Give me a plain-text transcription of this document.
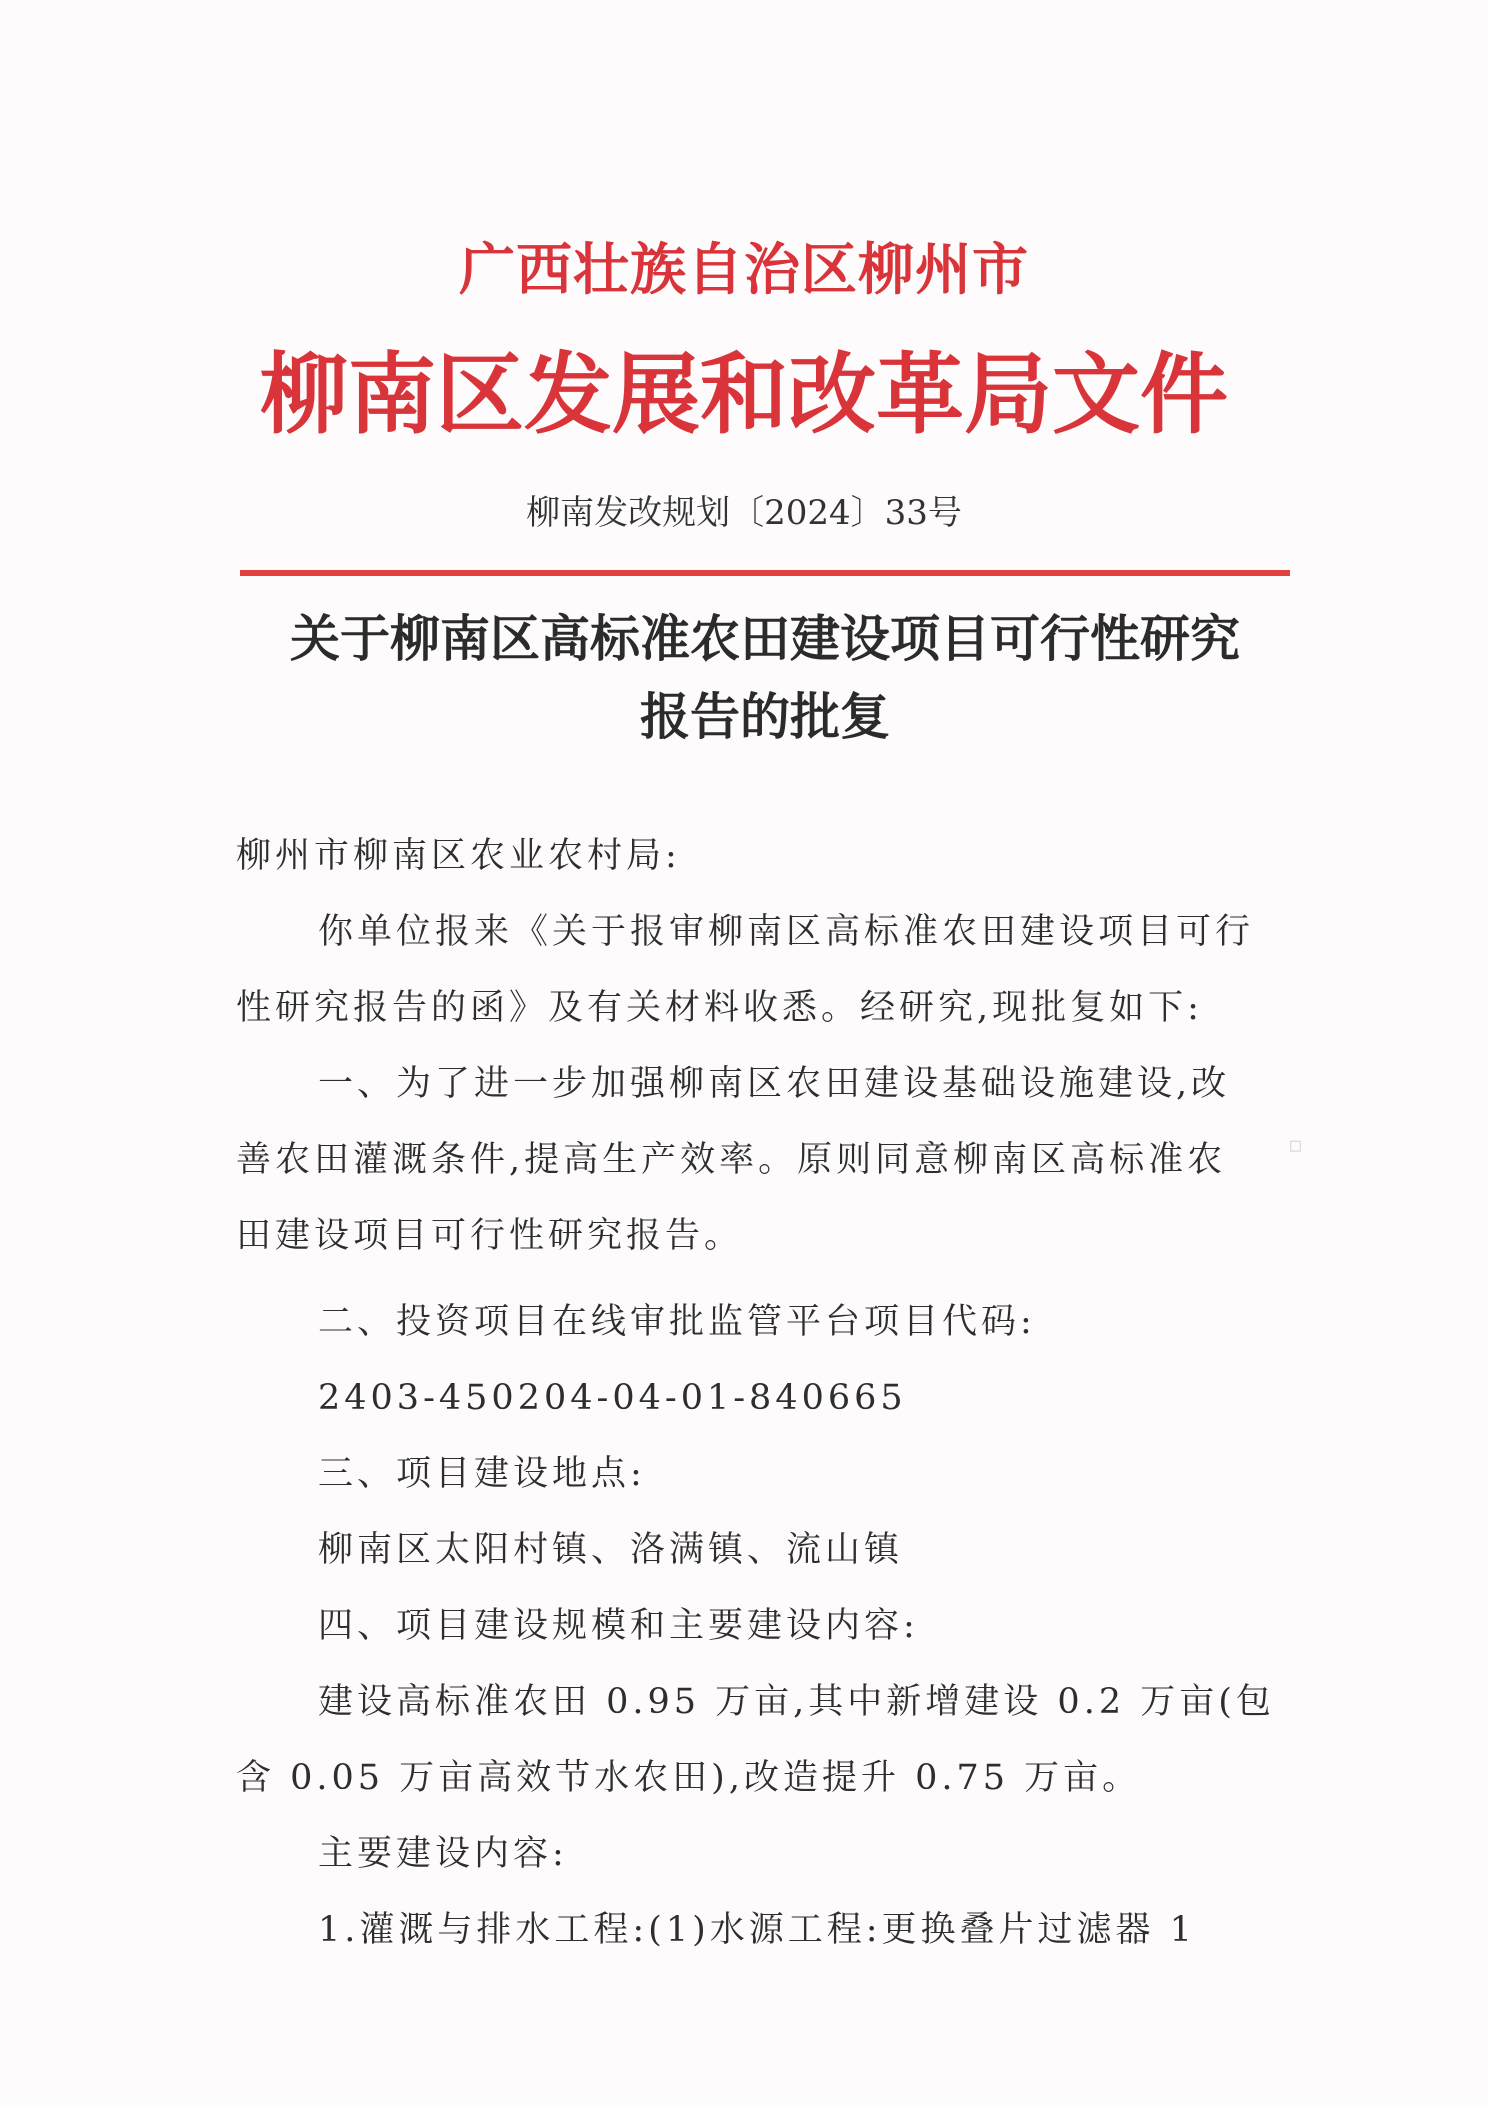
广西壮族自治区柳州市
柳南区发展和改革局文件
柳南发改规划〔2024〕33号
关于柳南区高标准农田建设项目可行性研究
报告的批复

柳州市柳南区农业农村局:

你单位报来《关于报审柳南区高标准农田建设项目可行

性研究报告的函》及有关材料收悉。经研究,现批复如下:

一、为了进一步加强柳南区农田建设基础设施建设,改

善农田灌溉条件,提高生产效率。原则同意柳南区高标准农

田建设项目可行性研究报告。

二、投资项目在线审批监管平台项目代码:

2403-450204-04-01-840665

三、项目建设地点:

柳南区太阳村镇、洛满镇、流山镇

四、项目建设规模和主要建设内容:

建设高标准农田 0.95 万亩,其中新增建设 0.2 万亩(包

含 0.05 万亩高效节水农田),改造提升 0.75 万亩。

主要建设内容:

1.灌溉与排水工程:(1)水源工程:更换叠片过滤器 1

▫
